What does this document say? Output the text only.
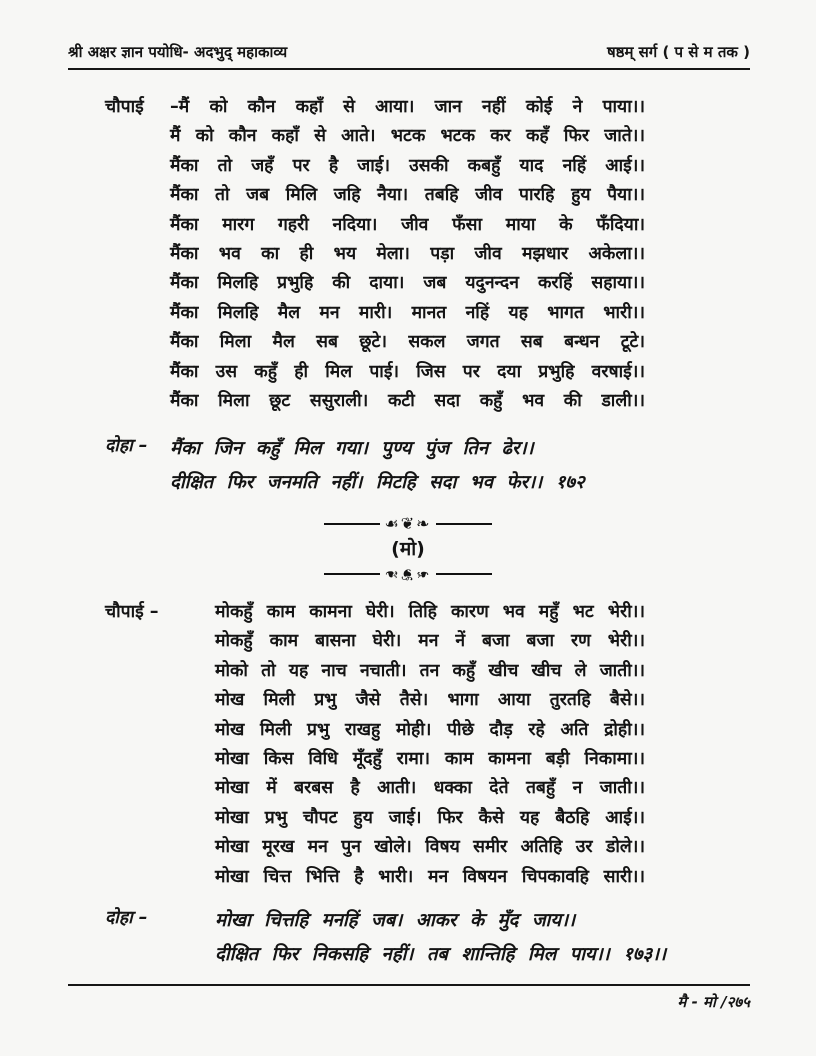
श्री अक्षर ज्ञान पयोधि- अदभुद् महाकाव्य	षष्ठम् सर्ग ( प से म तक )
चौपाई	–मैं को कौन कहाँ से आया। जान नहीं कोई ने पाया।।
मैं को कौन कहाँ से आते। भटक भटक कर कहँ फिर जाते।।
मैंका तो जहँ पर है जाई। उसकी कबहुँ याद नहिं आई।।
मैंका तो जब मिलि जहि नैया। तबहि जीव पारहि हुय पैया।।
मैंका मारग गहरी नदिया। जीव फँसा माया के फँदिया।
मैंका भव का ही भय मेला। पड़ा जीव मझधार अकेला।।
मैंका मिलहि प्रभुहि की दाया। जब यदुनन्दन करहिं सहाया।।
मैंका मिलहि मैल मन मारी। मानत नहिं यह भागत भारी।।
मैंका मिला मैल सब छूटे। सकल जगत सब बन्धन टूटे।
मैंका उस कहुँ ही मिल पाई। जिस पर दया प्रभुहि वरषाई।।
मैंका मिला छूट ससुराली। कटी सदा कहुँ भव की डाली।।
दोहा –	मैंका जिन कहुँ मिल गया। पुण्य पुंज तिन ढेर।।
दीक्षित फिर जनमति नहीं। मिटहि सदा भव फेर।। १७२
☙❦❧
(मो)
☙❦❧
चौपाई –	मोकहुँ काम कामना घेरी। तिहि कारण भव महुँ भट भेरी।।
मोकहुँ काम बासना घेरी। मन नें बजा बजा रण भेरी।।
मोको तो यह नाच नचाती। तन कहुँ खीच खीच ले जाती।।
मोख मिली प्रभु जैसे तैसे। भागा आया तुरतहि बैसे।।
मोख मिली प्रभु राखहु मोही। पीछे दौड़ रहे अति द्रोही।।
मोखा किस विधि मूँदहुँ रामा। काम कामना बड़ी निकामा।।
मोखा में बरबस है आती। धक्का देते तबहुँ न जाती।।
मोखा प्रभु चौपट हुय जाई। फिर कैसे यह बैठहि आई।।
मोखा मूरख मन पुन खोले। विषय समीर अतिहि उर डोले।।
मोखा चित्त भित्ति है भारी। मन विषयन चिपकावहि सारी।।
दोहा –	मोखा चित्तहि मनहिं जब। आकर के मुँद जाय।।
दीक्षित फिर निकसहि नहीं। तब शान्तिहि मिल पाय।। १७३।।
मै - मो /२७५
